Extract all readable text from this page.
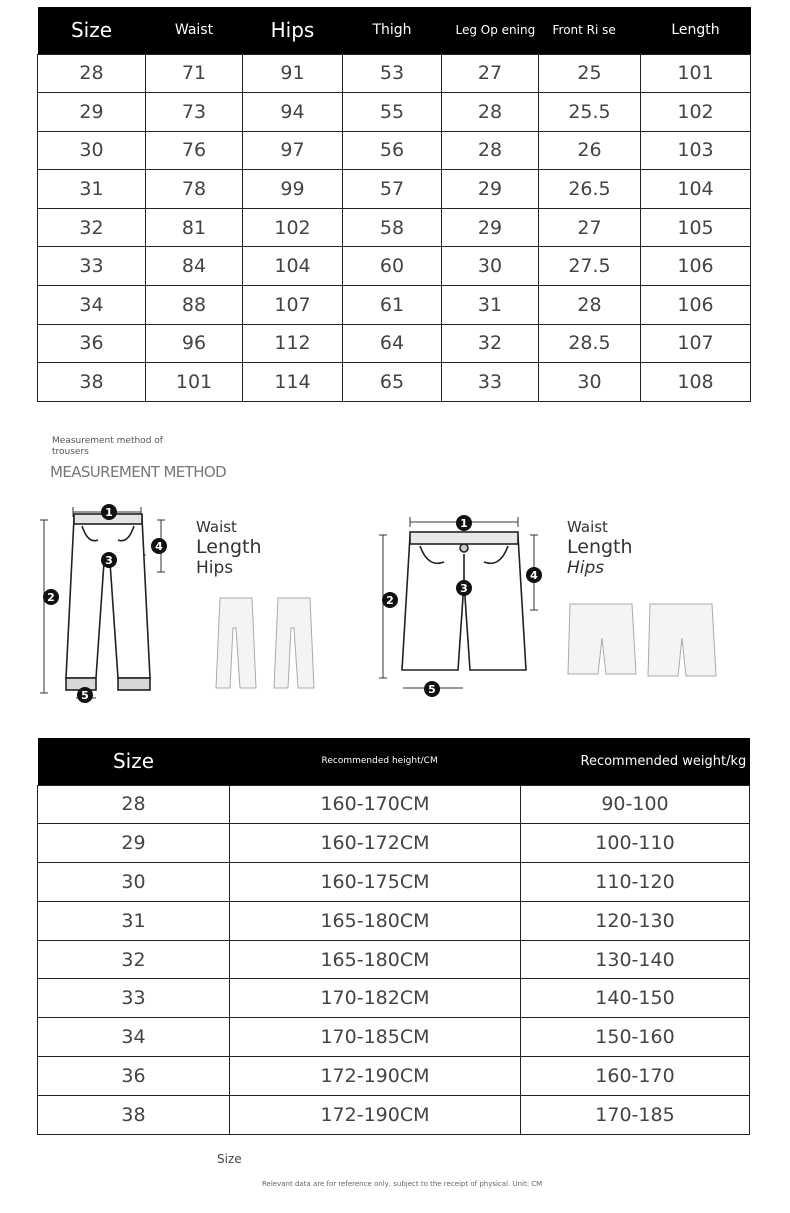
Size	Waist	Hips	Thigh	Leg Op ening	Front Ri se	Length
28	71	91	53	27	25	101
29	73	94	55	28	25.5	102
30	76	97	56	28	26	103
31	78	99	57	29	26.5	104
32	81	102	58	29	27	105
33	84	104	60	30	27.5	106
34	88	107	61	31	28	106
36	96	112	64	32	28.5	107
38	101	114	65	33	30	108
Measurement method of trousers
MEASUREMENT METHOD
1
2
3
4
5
Waist
Length
Hips
1
2
3
4
5
Waist
Length
Hips
Size	Recommended height/CM	Recommended weight/kg
28	160-170CM	90-100
29	160-172CM	100-110
30	160-175CM	110-120
31	165-180CM	120-130
32	165-180CM	130-140
33	170-182CM	140-150
34	170-185CM	150-160
36	172-190CM	160-170
38	172-190CM	170-185
Size
Relevant data are for reference only, subject to the receipt of physical. Unit: CM
